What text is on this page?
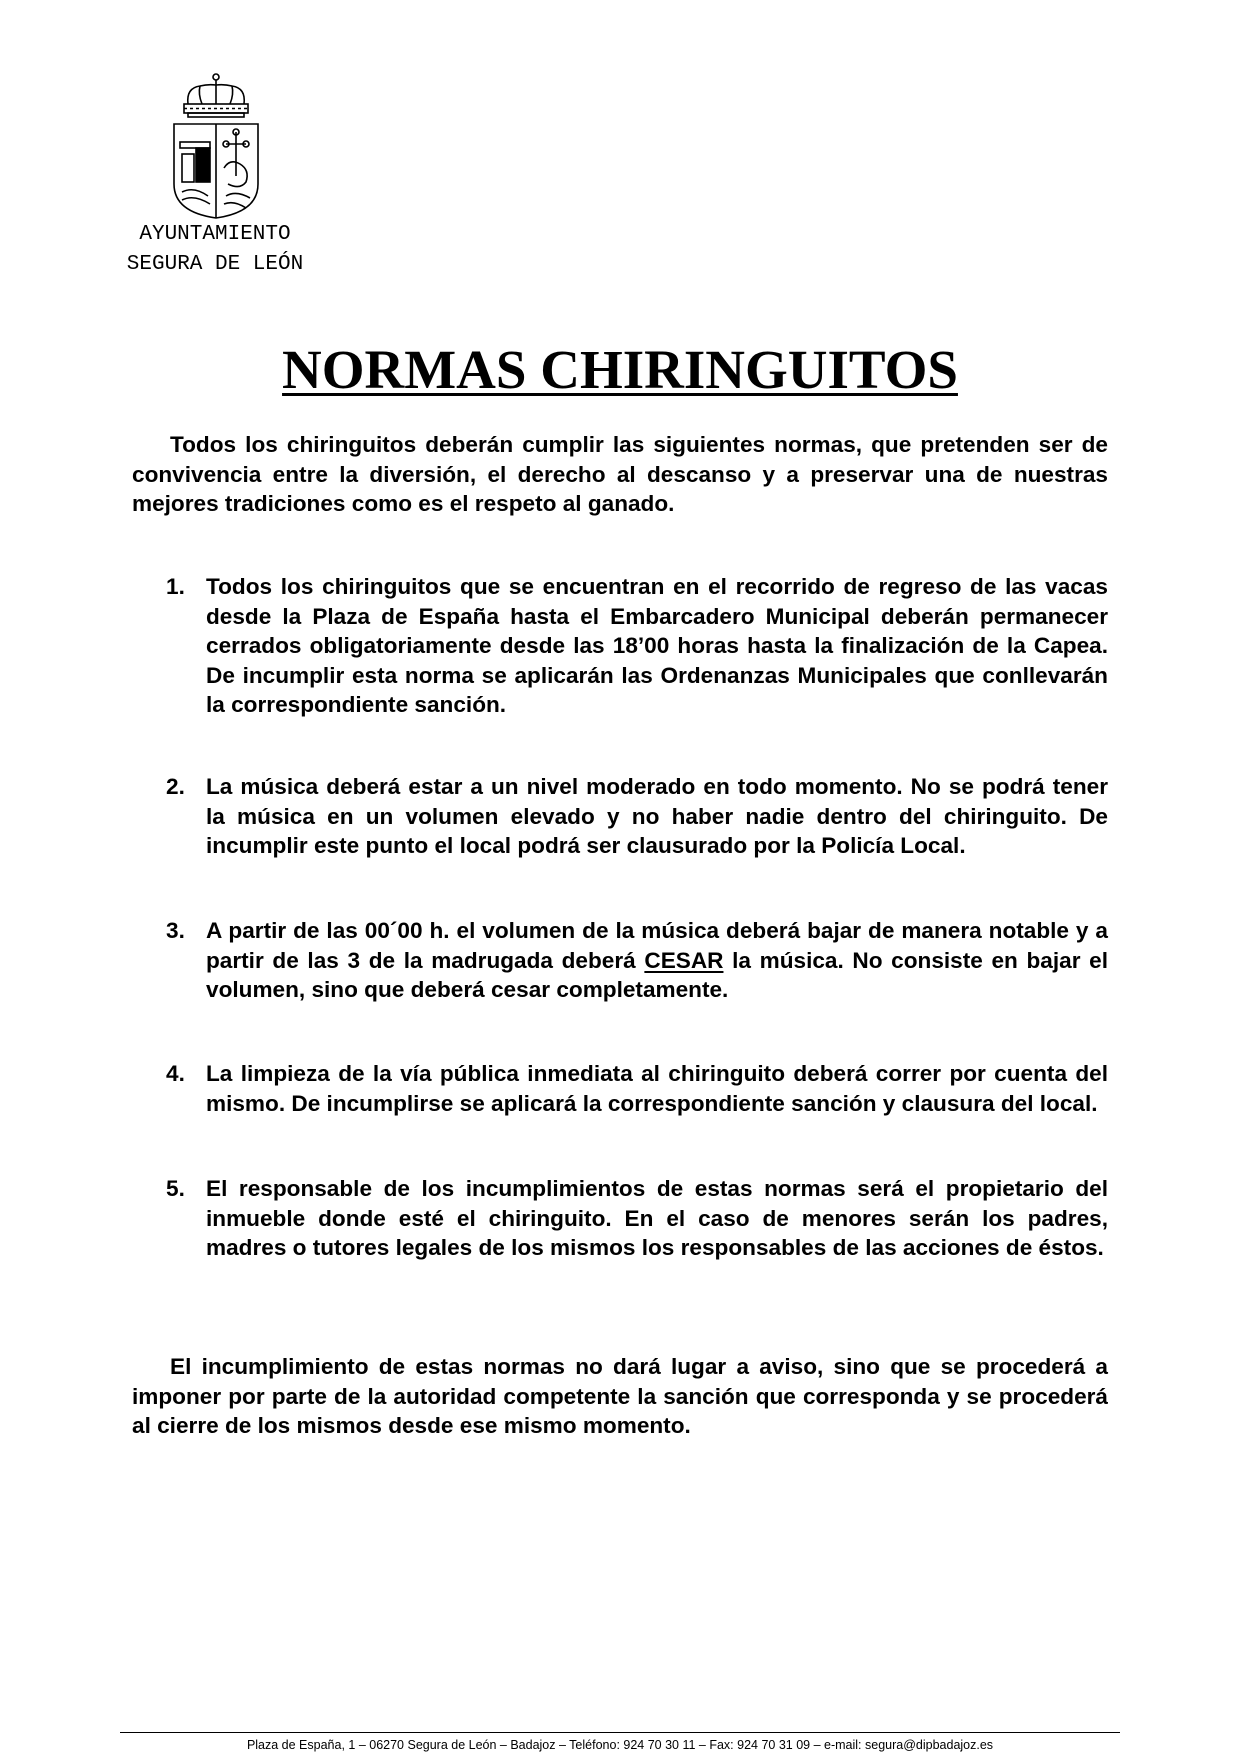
AYUNTAMIENTO
SEGURA DE LEÓN
NORMAS CHIRINGUITOS
Todos los chiringuitos deberán cumplir las siguientes normas, que pretenden ser de convivencia entre la diversión, el derecho al descanso y a preservar una de nuestras mejores tradiciones como es el respeto al ganado.
1. Todos los chiringuitos que se encuentran en el recorrido de regreso de las vacas desde la Plaza de España hasta el Embarcadero Municipal deberán permanecer cerrados obligatoriamente desde las 18’00 horas hasta la finalización de la Capea. De incumplir esta norma se aplicarán las Ordenanzas Municipales que conllevarán la correspondiente sanción.
2. La música deberá estar a un nivel moderado en todo momento. No se podrá tener la música en un volumen elevado y no haber nadie dentro del chiringuito. De incumplir este punto el local podrá ser clausurado por la Policía Local.
3. A partir de las 00´00 h. el volumen de la música deberá bajar de manera notable y a partir de las 3 de la madrugada deberá CESAR la música. No consiste en bajar el volumen, sino que deberá cesar completamente.
4. La limpieza de la vía pública inmediata al chiringuito deberá correr por cuenta del mismo. De incumplirse se aplicará la correspondiente sanción y clausura del local.
5. El responsable de los incumplimientos de estas normas será el propietario del inmueble donde esté el chiringuito. En el caso de menores serán los padres, madres o tutores legales de los mismos los responsables de las acciones de éstos.
El incumplimiento de estas normas no dará lugar a aviso, sino que se procederá a imponer por parte de la autoridad competente la sanción que corresponda y se procederá al cierre de los mismos desde ese mismo momento.
Plaza de España, 1 – 06270 Segura de León – Badajoz – Teléfono: 924 70 30 11 – Fax: 924 70 31 09 – e-mail: segura@dipbadajoz.es
